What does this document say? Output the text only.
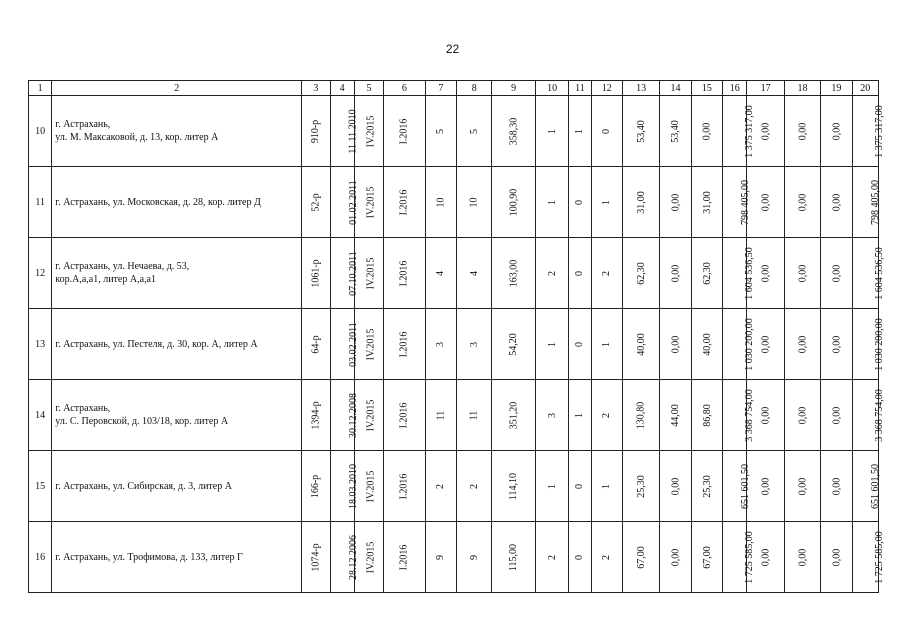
22
1	2	3	4	5	6	7	8	9	10	11	12	13	14	15	16	17	18	19	20
10	г. Астрахань,
ул. М. Максаковой, д. 13, кор. литер А	910-р	11.11.2010	IV.2015	I.2016	5	5	358,30	1	1	0	53,40	53,40	0,00	1 375 317,00	0,00	0,00	0,00	1 375 317,00
11	г. Астрахань, ул. Московская, д. 28, кор. литер Д	52-р	01.02.2011	IV.2015	I.2016	10	10	100,90	1	0	1	31,00	0,00	31,00	798 405,00	0,00	0,00	0,00	798 405,00
12	г. Астрахань, ул. Нечаева, д. 53,
кор.А,а,а1, литер А,а,а1	1061-р	07.10.2011	IV.2015	I.2016	4	4	163,00	2	0	2	62,30	0,00	62,30	1 604 536,50	0,00	0,00	0,00	1 604 536,50
13	г. Астрахань, ул. Пестеля, д. 30, кор. А, литер А	64-р	03.02.2011	IV.2015	I.2016	3	3	54,20	1	0	1	40,00	0,00	40,00	1 030 200,00	0,00	0,00	0,00	1 030 200,00
14	г. Астрахань,
ул. С. Перовской, д. 103/18, кор. литер А	1394-р	30.12.2008	IV.2015	I.2016	11	11	351,20	3	1	2	130,80	44,00	86,80	3 368 754,00	0,00	0,00	0,00	3 368 754,00
15	г. Астрахань, ул. Сибирская, д. 3, литер А	166-р	18.03.2010	IV.2015	I.2016	2	2	114,10	1	0	1	25,30	0,00	25,30	651 601,50	0,00	0,00	0,00	651 601,50
16	г. Астрахань, ул. Трофимова, д. 133, литер Г	1074-р	28.12.2006	IV.2015	I.2016	9	9	115,00	2	0	2	67,00	0,00	67,00	1 725 585,00	0,00	0,00	0,00	1 725 585,00
